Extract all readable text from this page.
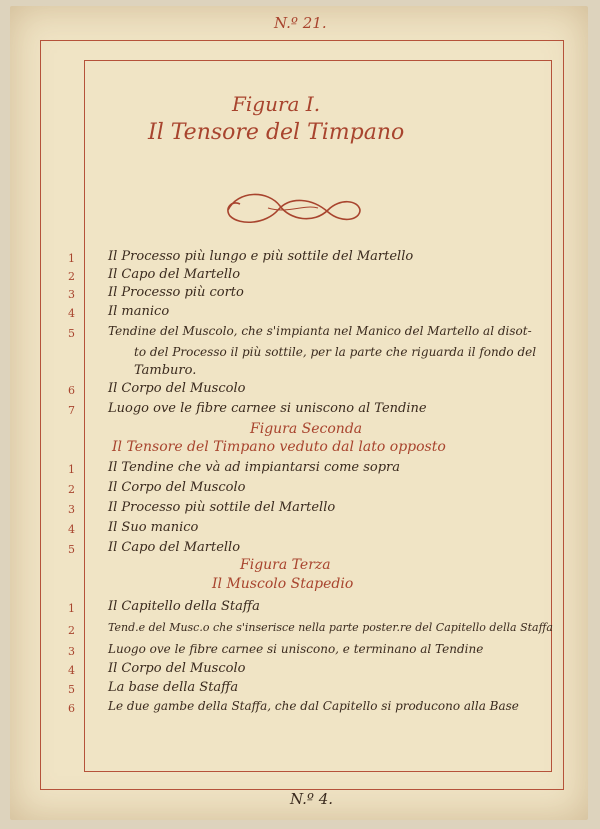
N.º 21.
Figura I.
Il Tensore del Timpano
1	Il Processo più lungo e più sottile del Martello
2	Il Capo del Martello
3	Il Processo più corto
4	Il manico
5	Tendine del Muscolo, che s'impianta nel Manico del Martello al disot-
to del Processo il più sottile, per la parte che riguarda il fondo del
Tamburo.
6	Il Corpo del Muscolo
7	Luogo ove le fibre carnee si uniscono al Tendine
Figura Seconda
Il Tensore del Timpano veduto dal lato opposto
1	Il Tendine che và ad impiantarsi come sopra
2	Il Corpo del Muscolo
3	Il Processo più sottile del Martello
4	Il Suo manico
5	Il Capo del Martello
Figura Terza
Il Muscolo Stapedio
1	Il Capitello della Staffa
2	Tend.e del Musc.o che s'inserisce nella parte poster.re del Capitello della Staffa
3	Luogo ove le fibre carnee si uniscono, e terminano al Tendine
4	Il Corpo del Muscolo
5	La base della Staffa
6	Le due gambe della Staffa, che dal Capitello si producono alla Base
N.º 4.
